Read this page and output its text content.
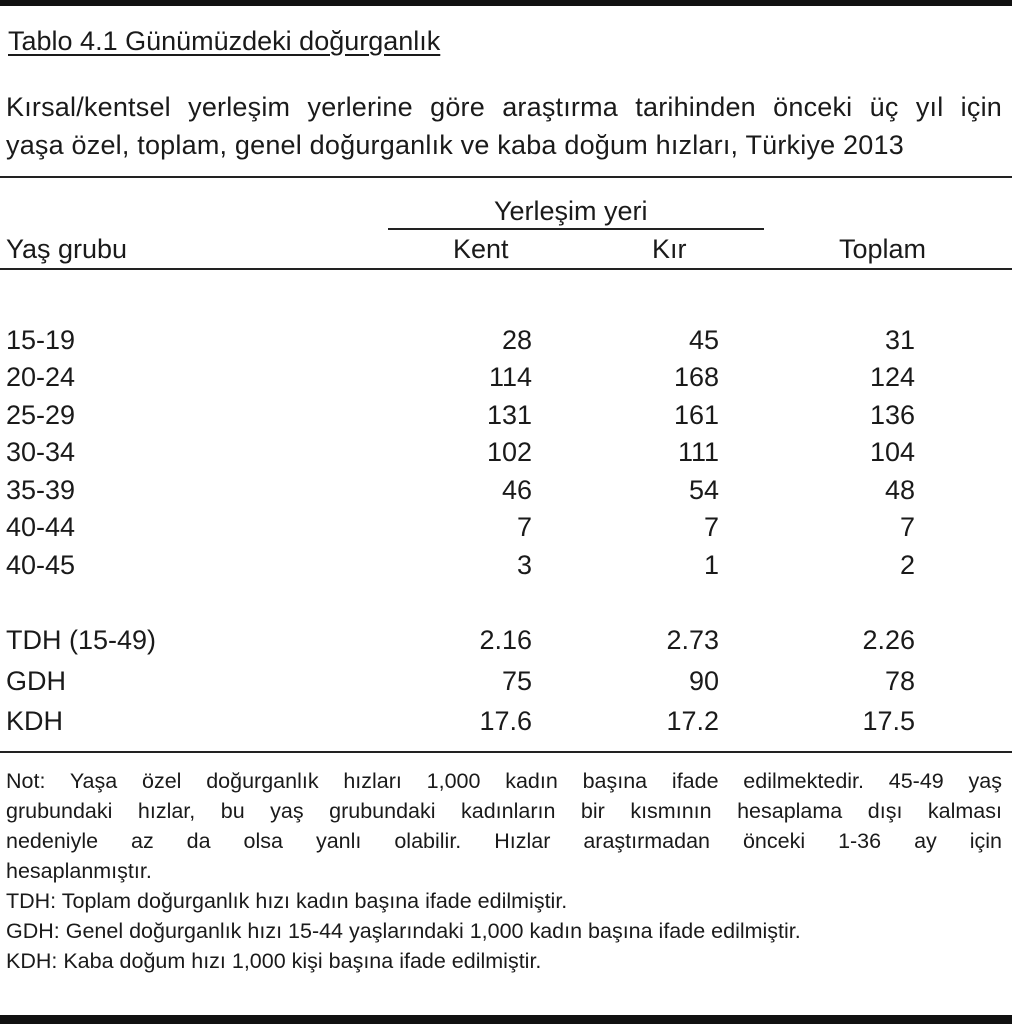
Tablo 4.1 Günümüzdeki doğurganlık
Kırsal/kentsel yerleşim yerlerine göre araştırma tarihinden önceki üç yıl için
yaşa özel, toplam, genel doğurganlık ve kaba doğum hızları, Türkiye 2013
Yerleşim yeri
Yaş grubu	Kent	Kır	Toplam
15-19	28	45	31
20-24	114	168	124
25-29	131	161	136
30-34	102	111	104
35-39	46	54	48
40-44	7	7	7
40-45	3	1	2
TDH (15-49)	2.16	2.73	2.26
GDH	75	90	78
KDH	17.6	17.2	17.5
Not: Yaşa özel doğurganlık hızları 1,000 kadın başına ifade edilmektedir. 45-49 yaş
grubundaki hızlar, bu yaş grubundaki kadınların bir kısmının hesaplama dışı kalması
nedeniyle az da olsa yanlı olabilir. Hızlar araştırmadan önceki 1-36 ay için
hesaplanmıştır.
TDH: Toplam doğurganlık hızı kadın başına ifade edilmiştir.
GDH: Genel doğurganlık hızı 15-44 yaşlarındaki 1,000 kadın başına ifade edilmiştir.
KDH: Kaba doğum hızı 1,000 kişi başına ifade edilmiştir.
